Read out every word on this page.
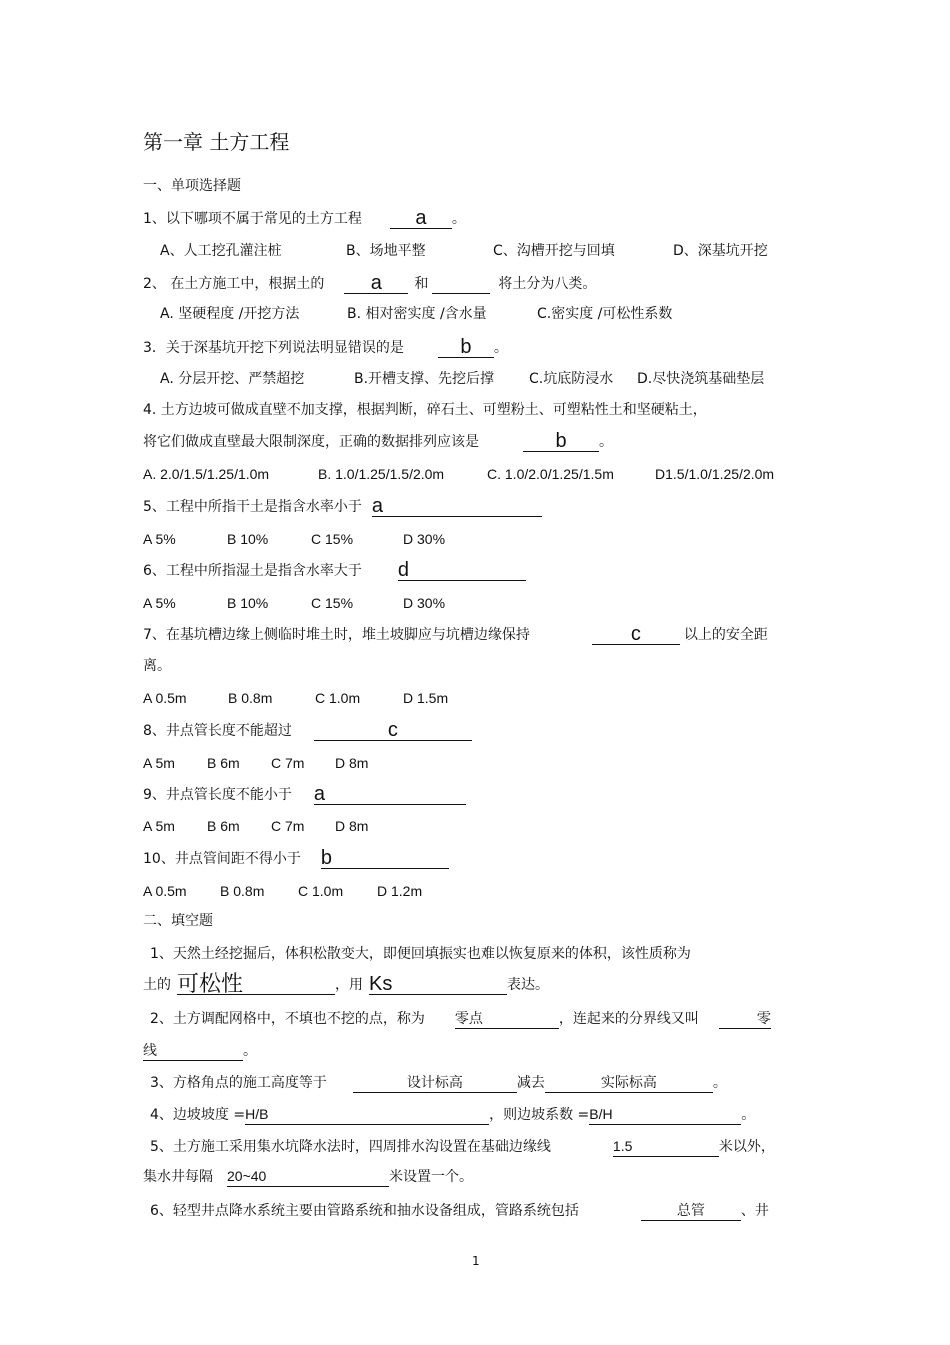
第一章 土方工程
一、单项选择题
1、以下哪项不属于常见的土方工程	a 。
A、人工挖孔灌注桩	B、场地平整	C、沟槽开挖与回填	D、深基坑开挖
2、 在土方施工中，根据土的 a 和	将土分为八类。
A. 坚硬程度 /开挖方法	B. 相对密实度 /含水量	C.密实度 /可松性系数
3．关于深基坑开挖下列说法明显错误的是	b 。
A. 分层开挖、严禁超挖	B.开槽支撑、先挖后撑 C.坑底防浸水 D.尽快浇筑基础垫层
4. 土方边坡可做成直壁不加支撑，根据判断，碎石土、可塑粉土、可塑粘性土和坚硬粘土，
将它们做成直壁最大限制深度，正确的数据排列应该是	b 。
A. 2.0/1.5/1.25/1.0m	B. 1.0/1.25/1.5/2.0m	C. 1.0/2.0/1.25/1.5m	D1.5/1.0/1.25/2.0m
5、工程中所指干土是指含水率小于 a
A 5%	B 10%	C 15%	D 30%
6、工程中所指湿土是指含水率大于 d
A 5%	B 10%	C 15%	D 30%
7、在基坑槽边缘上侧临时堆土时，堆土坡脚应与坑槽边缘保持	c	以上的安全距
离。
A 0.5m	B 0.8m	C 1.0m	D 1.5m
8、井点管长度不能超过	c
A 5m B 6m C 7m D 8m
9、井点管长度不能小于 a
A 5m B 6m C 7m D 8m
10、井点管间距不得小于 b
A 0.5m B 0.8m C 1.0m D 1.2m
二、填空题
1、天然土经挖掘后，体积松散变大，即便回填振实也难以恢复原来的体积，该性质称为
土的 可松性	，用 Ks	表达。
2、土方调配网格中，不填也不挖的点，称为 零点	，连起来的分界线又叫	零
线	。
3、方格角点的施工高度等于	设计标高	减去	实际标高	。
4、边坡坡度 =H/B	，则边坡系数 =B/H	。
5、土方施工采用集水坑降水法时，四周排水沟设置在基础边缘线	1.5	米以外，
集水井每隔 20~40	米设置一个。
6、轻型井点降水系统主要由管路系统和抽水设备组成，管路系统包括	总管	、井
1
